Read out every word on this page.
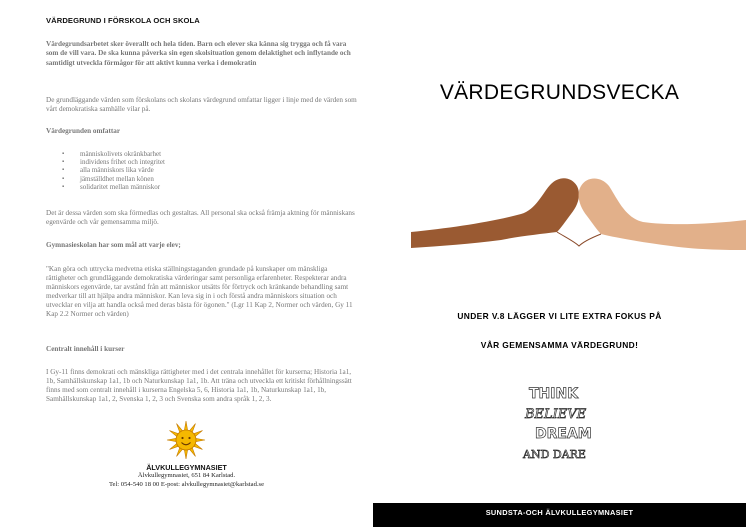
VÄRDEGRUND I FÖRSKOLA OCH SKOLA
Värdegrundsarbetet sker överallt och hela tiden. Barn och elever ska känna sig trygga och få vara som de vill vara. De ska kunna påverka sin egen skolsituation genom delaktighet och inflytande och samtidigt utveckla förmågor för att aktivt kunna verka i demokratin
De grundläggande värden som förskolans och skolans värdegrund omfattar ligger i linje med de värden som vårt demokratiska samhälle vilar på.
Värdegrunden omfattar
▪ människolivets okränkbarhet
▪ individens frihet och integritet
▪ alla människors lika värde
▪ jämställdhet mellan könen
▪ solidaritet mellan människor
Det är dessa värden som ska förmedlas och gestaltas. All personal ska också främja aktning för människans egenvärde och vår gemensamma miljö.
Gymnasieskolan har som mål att varje elev;
"Kan göra och uttrycka medvetna etiska ställningstaganden grundade på kunskaper om mänskliga rättigheter och grundläggande demokratiska värderingar samt personliga erfarenheter. Respekterar andra människors egenvärde, tar avstånd från att människor utsätts för förtryck och kränkande behandling samt medverkar till att hjälpa andra människor. Kan leva sig in i och förstå andra människors situation och utvecklar en vilja att handla också med deras bästa för ögonen." (Lgr 11 Kap 2, Normer och värden, Gy 11 Kap 2.2 Normer och värden)
Centralt innehåll i kurser
I Gy-11 finns demokrati och mänskliga rättigheter med i det centrala innehållet för kurserna; Historia 1a1, 1b, Samhällskunskap 1a1, 1b och Naturkunskap 1a1, 1b. Att träna och utveckla ett kritiskt förhållningssätt finns med som centralt innehåll i kurserna Engelska 5, 6, Historia 1a1, 1b, Naturkunskap 1a1, 1b, Samhällskunskap 1a1, 2, Svenska 1, 2, 3 och Svenska som andra språk 1, 2, 3.
ÄLVKULLEGYMNASIET
Älvkullegymnasiet, 651 84 Karlstad.
Tel: 054-540 18 00 E-post: alvkullegymnasiet@karlstad.se
VÄRDEGRUNDSVECKA
UNDER V.8 LÄGGER VI LITE EXTRA FOKUS PÅ
VÅR GEMENSAMMA VÄRDEGRUND!
THINK
BELIEVE
DREAM
AND DARE
SUNDSTA-OCH ÄLVKULLEGYMNASIET
